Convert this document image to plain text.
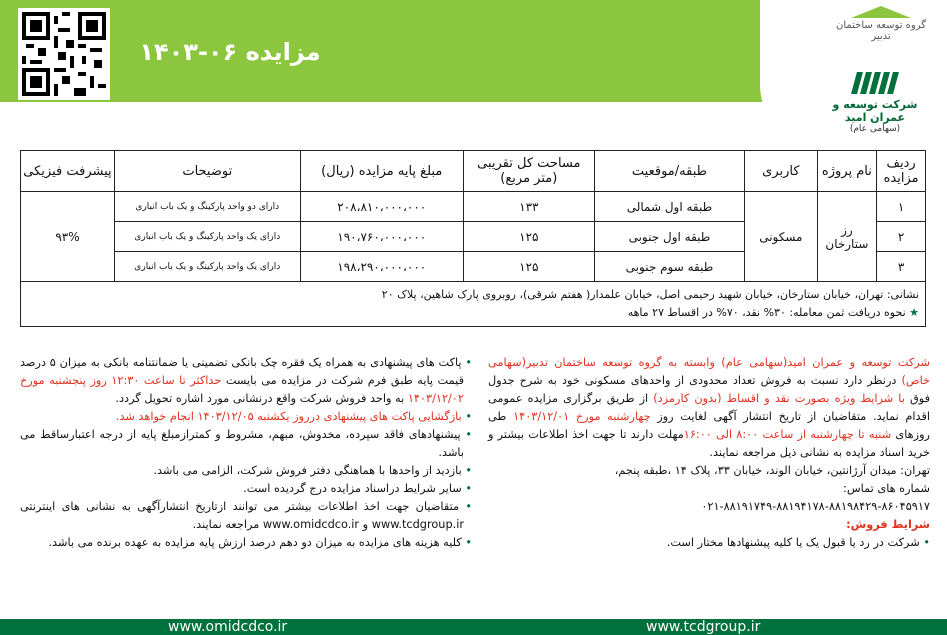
مزایده ۰۶-۱۴۰۳
گروه توسعه ساختمان تدبیر
شرکت توسعه و عمران امید
(سهامی عام)
ردیف مزایده	نام پروژه	کاربری	طبقه/موقعیت	مساحت کل تقریبی (متر مربع)	مبلغ پایه مزایده (ریال)	توضیحات	پیشرفت فیزیکی
۱	رز ستارخان	مسکونی	طبقه اول شمالی	۱۳۳	۲۰۸،۸۱۰،۰۰۰،۰۰۰	دارای دو واحد پارکینگ و یک باب انباری	۹۳%
۲			طبقه اول جنوبی	۱۲۵	۱۹۰،۷۶۰،۰۰۰،۰۰۰	دارای یک واحد پارکینگ و یک باب انباری	
۳			طبقه سوم جنوبی	۱۲۵	۱۹۸،۲۹۰،۰۰۰،۰۰۰	دارای یک واحد پارکینگ و یک باب انباری	

نشانی: تهران، خیابان ستارخان، خیابان شهید رحیمی اصل، خیابان علمدار( هفتم شرقی)، روبروی پارک شاهین، پلاک ۲۰
★ نحوه دریافت ثمن معامله: ۳۰% نقد، ۷۰% در اقساط ۲۷ ماهه							
شرکت توسعه و عمران امید(سهامی عام) وابسته به گروه توسعه ساختمان تدبیر(سهامی خاص) درنظر دارد نسبت به فروش تعداد محدودی از واحدهای مسکونی خود به شرح جدول فوق با شرایط ویژه بصورت نقد و اقساط (بدون کارمزد) از طریق برگزاری مزایده عمومی اقدام نماید. متقاضیان از تاریخ انتشار آگهی لغایت روز چهارشنبه مورخ ۱۴۰۳/۱۲/۰۱ طی روزهای شنبه تا چهارشنبه از ساعت ۸:۰۰ الی ۱۶:۰۰مهلت دارند تا جهت اخذ اطلاعات بیشتر و خرید اسناد مزایده به نشانی ذیل مراجعه نمایند.
تهران: میدان آرژانتین، خیابان الوند، خیابان ۳۳، پلاک ۱۴ ،طبقه پنجم،
شماره های تماس:
۰۲۱-۸۸۱۹۱۷۴۹-۸۸۱۹۴۱۷۸-۸۸۱۹۸۴۲۹-۸۶۰۴۵۹۱۷
شرایط فروش:
• شرکت در رد یا قبول یک یا کلیه پیشنهادها مختار است.
• پاکت های پیشنهادی به همراه یک فقره چک بانکی تضمینی یا ضمانتنامه بانکی به میزان ۵ درصد قیمت پایه طبق فرم شرکت در مزایده می بایست حداکثر تا ساعت ۱۲:۳۰ روز پنجشنبه مورخ ۱۴۰۳/۱۲/۰۲ به واحد فروش شرکت واقع درنشانی مورد اشاره تحویل گردد.
• بازگشایی پاکت های پیشنهادی درروز یکشنبه ۱۴۰۳/۱۲/۰۵ انجام خواهد شد.
• پیشنهادهای فاقد سپرده، مخدوش، مبهم، مشروط و کمتراز‌مبلغ پایه از درجه اعتبارساقط می باشد.
• بازدید از واحدها با هماهنگی دفتر فروش شرکت، الزامی می باشد.
• سایر شرایط دراسناد مزایده درج گردیده است.
• متقاضیان جهت اخذ اطلاعات بیشتر می توانند ازتاریخ انتشارآگهی به نشانی های اینترنتی www.tcdgroup.ir و www.omidcdco.ir مراجعه نمایند.
• کلیه هزینه های مزایده به میزان دو دهم درصد ارزش پایه مزایده به عهده برنده می باشد.
www.omidcdco.ir	www.tcdgroup.ir
